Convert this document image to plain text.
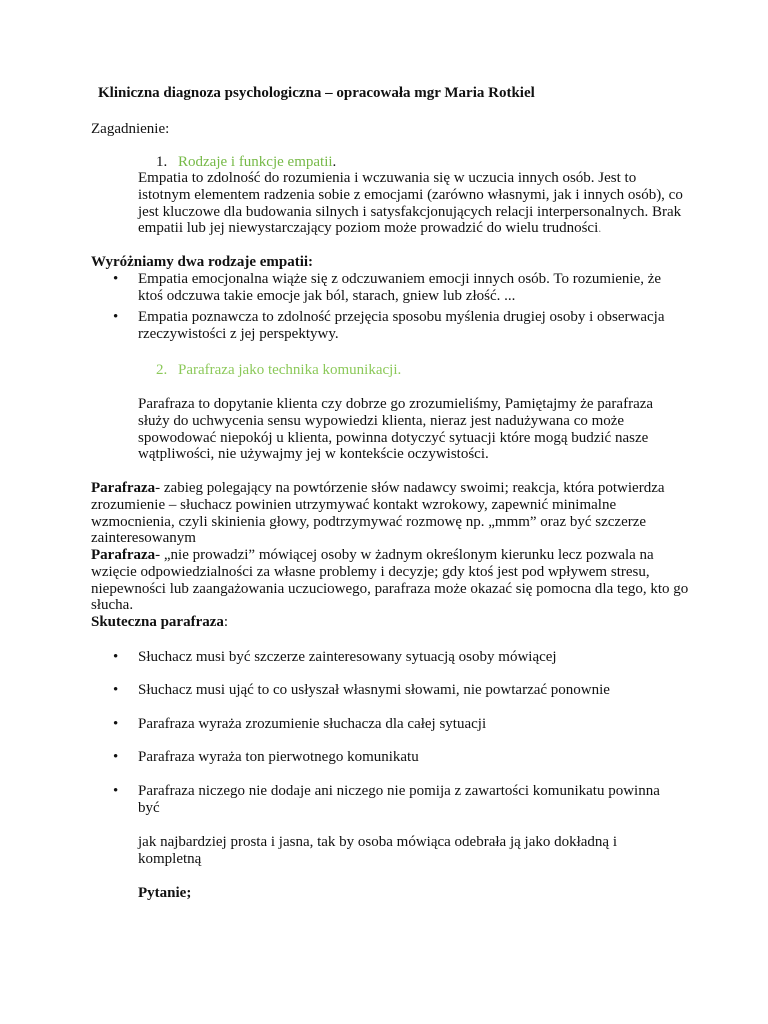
Kliniczna diagnoza psychologiczna – opracowała mgr Maria Rotkiel
Zagadnienie:
1. Rodzaje i funkcje empatii.
Empatia to zdolność do rozumienia i wczuwania się w uczucia innych osób. Jest to istotnym elementem radzenia sobie z emocjami (zarówno własnymi, jak i innych osób), co jest kluczowe dla budowania silnych i satysfakcjonujących relacji interpersonalnych. Brak empatii lub jej niewystarczający poziom może prowadzić do wielu trudności.
Wyróżniamy dwa rodzaje empatii:
• Empatia emocjonalna wiąże się z odczuwaniem emocji innych osób. To rozumienie, że ktoś odczuwa takie emocje jak ból, starach, gniew lub złość. ...
• Empatia poznawcza to zdolność przejęcia sposobu myślenia drugiej osoby i obserwacja rzeczywistości z jej perspektywy.
2. Parafraza jako technika komunikacji.
Parafraza to dopytanie klienta czy dobrze go zrozumieliśmy, Pamiętajmy że parafraza służy do uchwycenia sensu wypowiedzi klienta, nieraz jest nadużywana co może spowodować niepokój u klienta, powinna dotyczyć sytuacji które mogą budzić nasze wątpliwości, nie używajmy jej w kontekście oczywistości.
Parafraza- zabieg polegający na powtórzenie słów nadawcy swoimi; reakcja, która potwierdza zrozumienie – słuchacz powinien utrzymywać kontakt wzrokowy, zapewnić minimalne wzmocnienia, czyli skinienia głowy, podtrzymywać rozmowę np. „mmm” oraz być szczerze zainteresowanym
Parafraza- „nie prowadzi” mówiącej osoby w żadnym określonym kierunku lecz pozwala na wzięcie odpowiedzialności za własne problemy i decyzje; gdy ktoś jest pod wpływem stresu, niepewności lub zaangażowania uczuciowego, parafraza może okazać się pomocna dla tego, kto go słucha.
Skuteczna parafraza:
• Słuchacz musi być szczerze zainteresowany sytuacją osoby mówiącej
• Słuchacz musi ująć to co usłyszał własnymi słowami, nie powtarzać ponownie
• Parafraza wyraża zrozumienie słuchacza dla całej sytuacji
• Parafraza wyraża ton pierwotnego komunikatu
• Parafraza niczego nie dodaje ani niczego nie pomija z zawartości komunikatu powinna być
jak najbardziej prosta i jasna, tak by osoba mówiąca odebrała ją jako dokładną i kompletną
Pytanie;
